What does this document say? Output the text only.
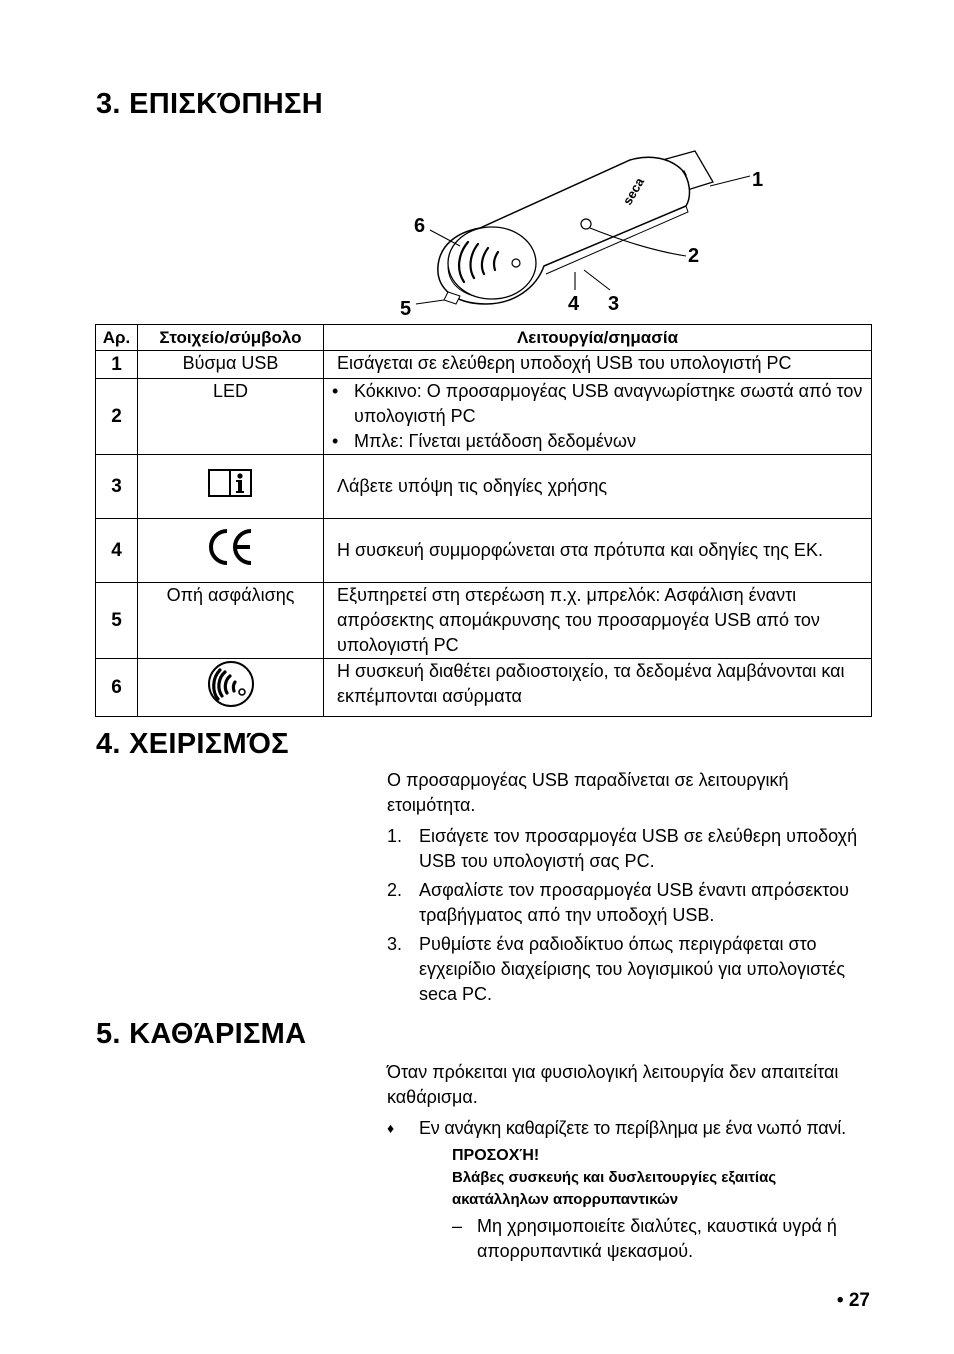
3. ΕΠΙΣΚΌΠΗΣΗ
seca	1
2
3
4
5
6
Αρ.	Στοιχείο/σύμβολο	Λειτουργία/σημασία
1	Βύσμα USB	Εισάγεται σε ελεύθερη υποδοχή USB του υπολογιστή PC
2	LED	• Κόκκινο: Ο προσαρμογέας USB αναγνωρίστηκε σωστά από τον υπολογιστή PC
• Μπλε: Γίνεται μετάδοση δεδομένων

3		Λάβετε υπόψη τις οδηγίες χρήσης
4		Η συσκευή συμμορφώνεται στα πρότυπα και οδηγίες της ΕΚ.
5	Οπή ασφάλισης	Εξυπηρετεί στη στερέωση π.χ. μπρελόκ: Ασφάλιση έναντι απρόσεκτης απομάκρυνσης του προσαρμογέα USB από τον υπολογιστή PC
6		Η συσκευή διαθέτει ραδιοστοιχείο, τα δεδομένα λαμβάνονται και εκπέμπονται ασύρματα
4. ΧΕΙΡΙΣΜΌΣ
Ο προσαρμογέας USB παραδίνεται σε λειτουργική ετοιμότητα.
1. Εισάγετε τον προσαρμογέα USB σε ελεύθερη υποδοχή USB του υπολογιστή σας PC.
2. Ασφαλίστε τον προσαρμογέα USB έναντι απρόσεκτου τραβήγματος από την υποδοχή USB.
3. Ρυθμίστε ένα ραδιοδίκτυο όπως περιγράφεται στο εγχειρίδιο διαχείρισης του λογισμικού για υπολογιστές seca PC.
5. ΚΑΘΆΡΙΣΜΑ
Όταν πρόκειται για φυσιολογική λειτουργία δεν απαιτείται καθάρισμα.
♦	Εν ανάγκη καθαρίζετε το περίβλημα με ένα νωπό πανί.
ΠΡΟΣΟΧΉ!
Βλάβες συσκευής και δυσλειτουργίες εξαιτίας ακατάλληλων απορρυπαντικών
– Μη χρησιμοποιείτε διαλύτες, καυστικά υγρά ή απορρυπαντικά ψεκασμού.
• 27
